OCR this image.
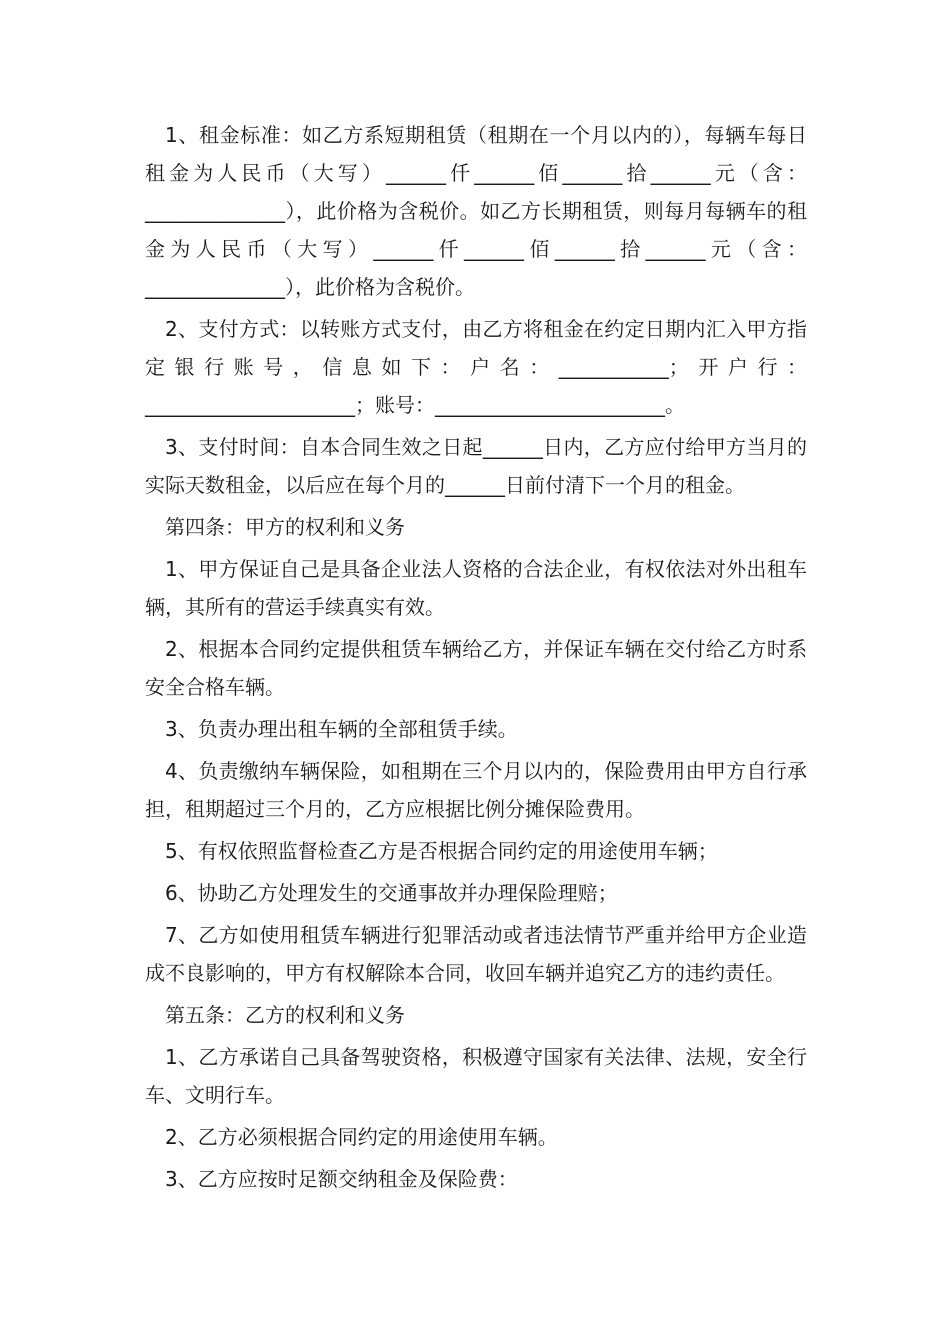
1、租金标准：如乙方系短期租赁（租期在一个月以内的），每辆车每日租金为人民币（大写）______仟______佰______拾______元（含：______________），此价格为含税价。如乙方长期租赁，则每月每辆车的租金为人民币（大写）______仟______佰______拾______元（含：______________），此价格为含税价。

2、支付方式：以转账方式支付，由乙方将租金在约定日期内汇入甲方指定银行账号，信息如下：户名：___________；开户行：_____________________；账号：_______________________。

3、支付时间：自本合同生效之日起______日内，乙方应付给甲方当月的实际天数租金，以后应在每个月的______日前付清下一个月的租金。

第四条：甲方的权利和义务

1、甲方保证自己是具备企业法人资格的合法企业，有权依法对外出租车辆，其所有的营运手续真实有效。

2、根据本合同约定提供租赁车辆给乙方，并保证车辆在交付给乙方时系安全合格车辆。

3、负责办理出租车辆的全部租赁手续。

4、负责缴纳车辆保险，如租期在三个月以内的，保险费用由甲方自行承担，租期超过三个月的，乙方应根据比例分摊保险费用。

5、有权依照监督检查乙方是否根据合同约定的用途使用车辆；

6、协助乙方处理发生的交通事故并办理保险理赔；

7、乙方如使用租赁车辆进行犯罪活动或者违法情节严重并给甲方企业造成不良影响的，甲方有权解除本合同，收回车辆并追究乙方的违约责任。

第五条：乙方的权利和义务

1、乙方承诺自己具备驾驶资格，积极遵守国家有关法律、法规，安全行车、文明行车。

2、乙方必须根据合同约定的用途使用车辆。

3、乙方应按时足额交纳租金及保险费：
